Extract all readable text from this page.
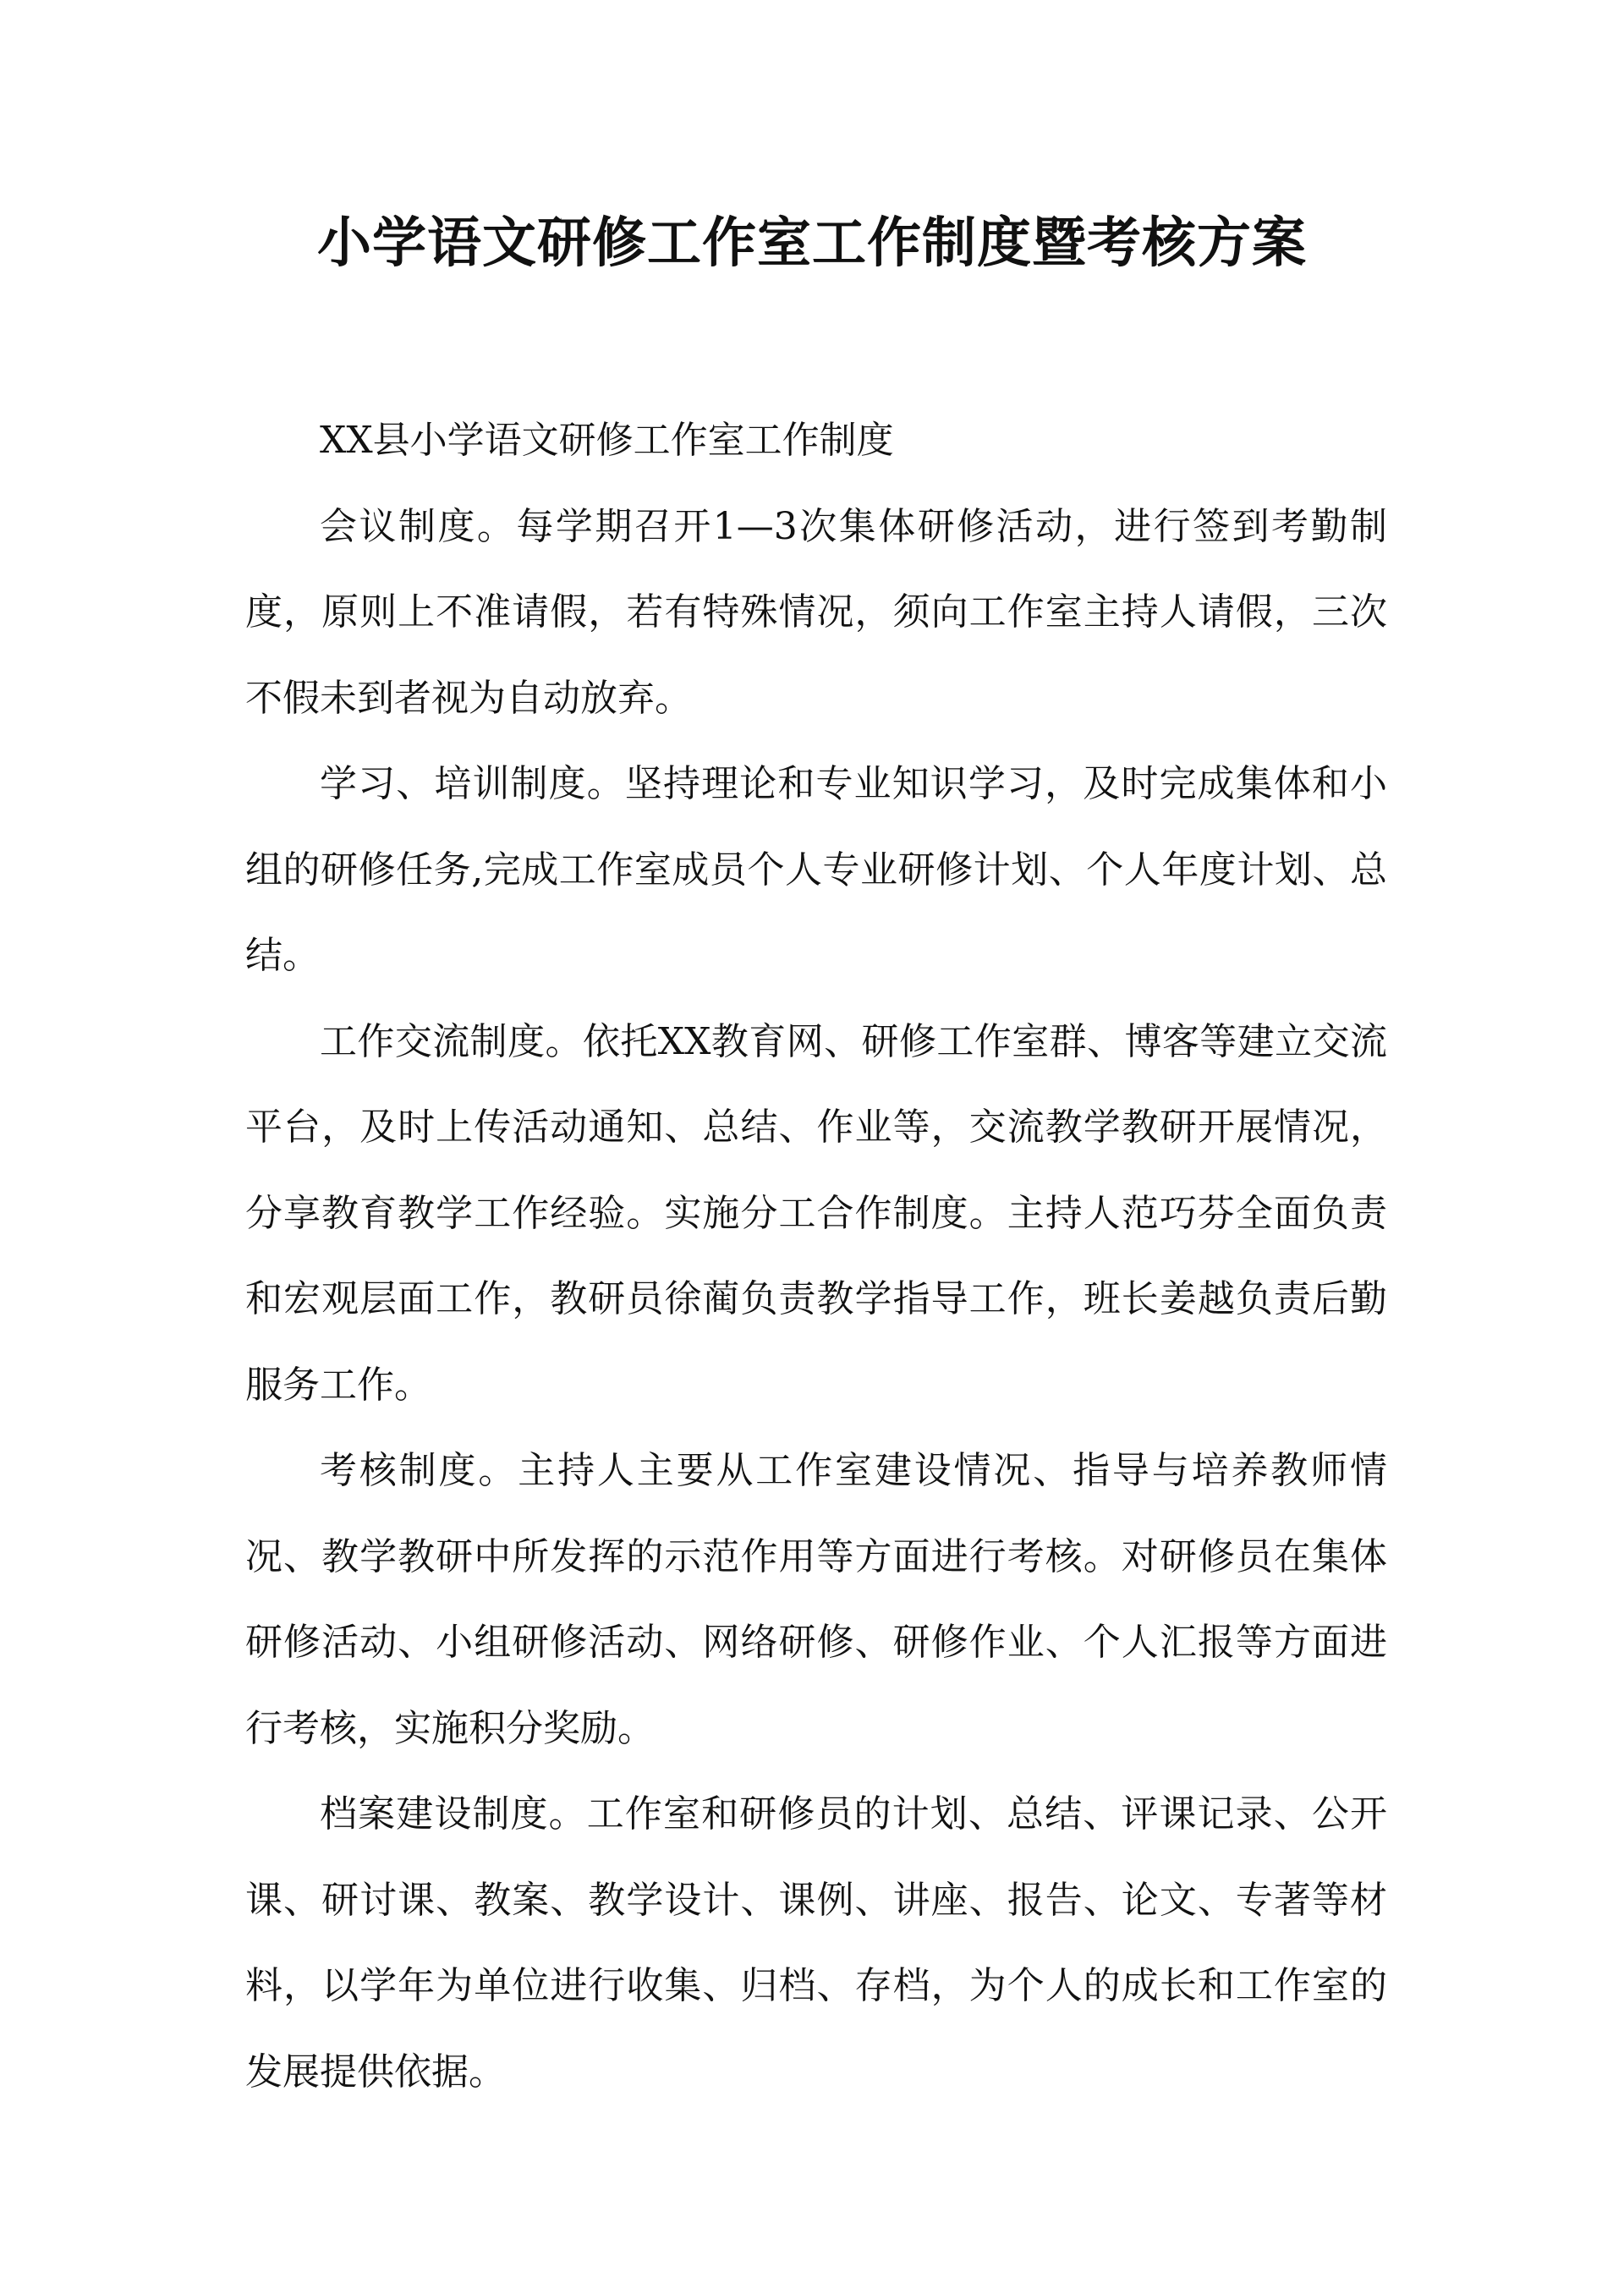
小学语文研修工作室工作制度暨考核方案

XX县小学语文研修工作室工作制度

会议制度。每学期召开1—3次集体研修活动，进行签到考勤制度，原则上不准请假，若有特殊情况，须向工作室主持人请假，三次不假未到者视为自动放弃。

学习、培训制度。坚持理论和专业知识学习，及时完成集体和小组的研修任务,完成工作室成员个人专业研修计划、个人年度计划、总结。

工作交流制度。依托XX教育网、研修工作室群、博客等建立交流平台，及时上传活动通知、总结、作业等，交流教学教研开展情况，分享教育教学工作经验。实施分工合作制度。主持人范巧芬全面负责和宏观层面工作，教研员徐蔺负责教学指导工作，班长姜越负责后勤服务工作。

考核制度。主持人主要从工作室建设情况、指导与培养教师情况、教学教研中所发挥的示范作用等方面进行考核。对研修员在集体研修活动、小组研修活动、网络研修、研修作业、个人汇报等方面进行考核，实施积分奖励。

档案建设制度。工作室和研修员的计划、总结、评课记录、公开课、研讨课、教案、教学设计、课例、讲座、报告、论文、专著等材料，以学年为单位进行收集、归档、存档，为个人的成长和工作室的发展提供依据。
